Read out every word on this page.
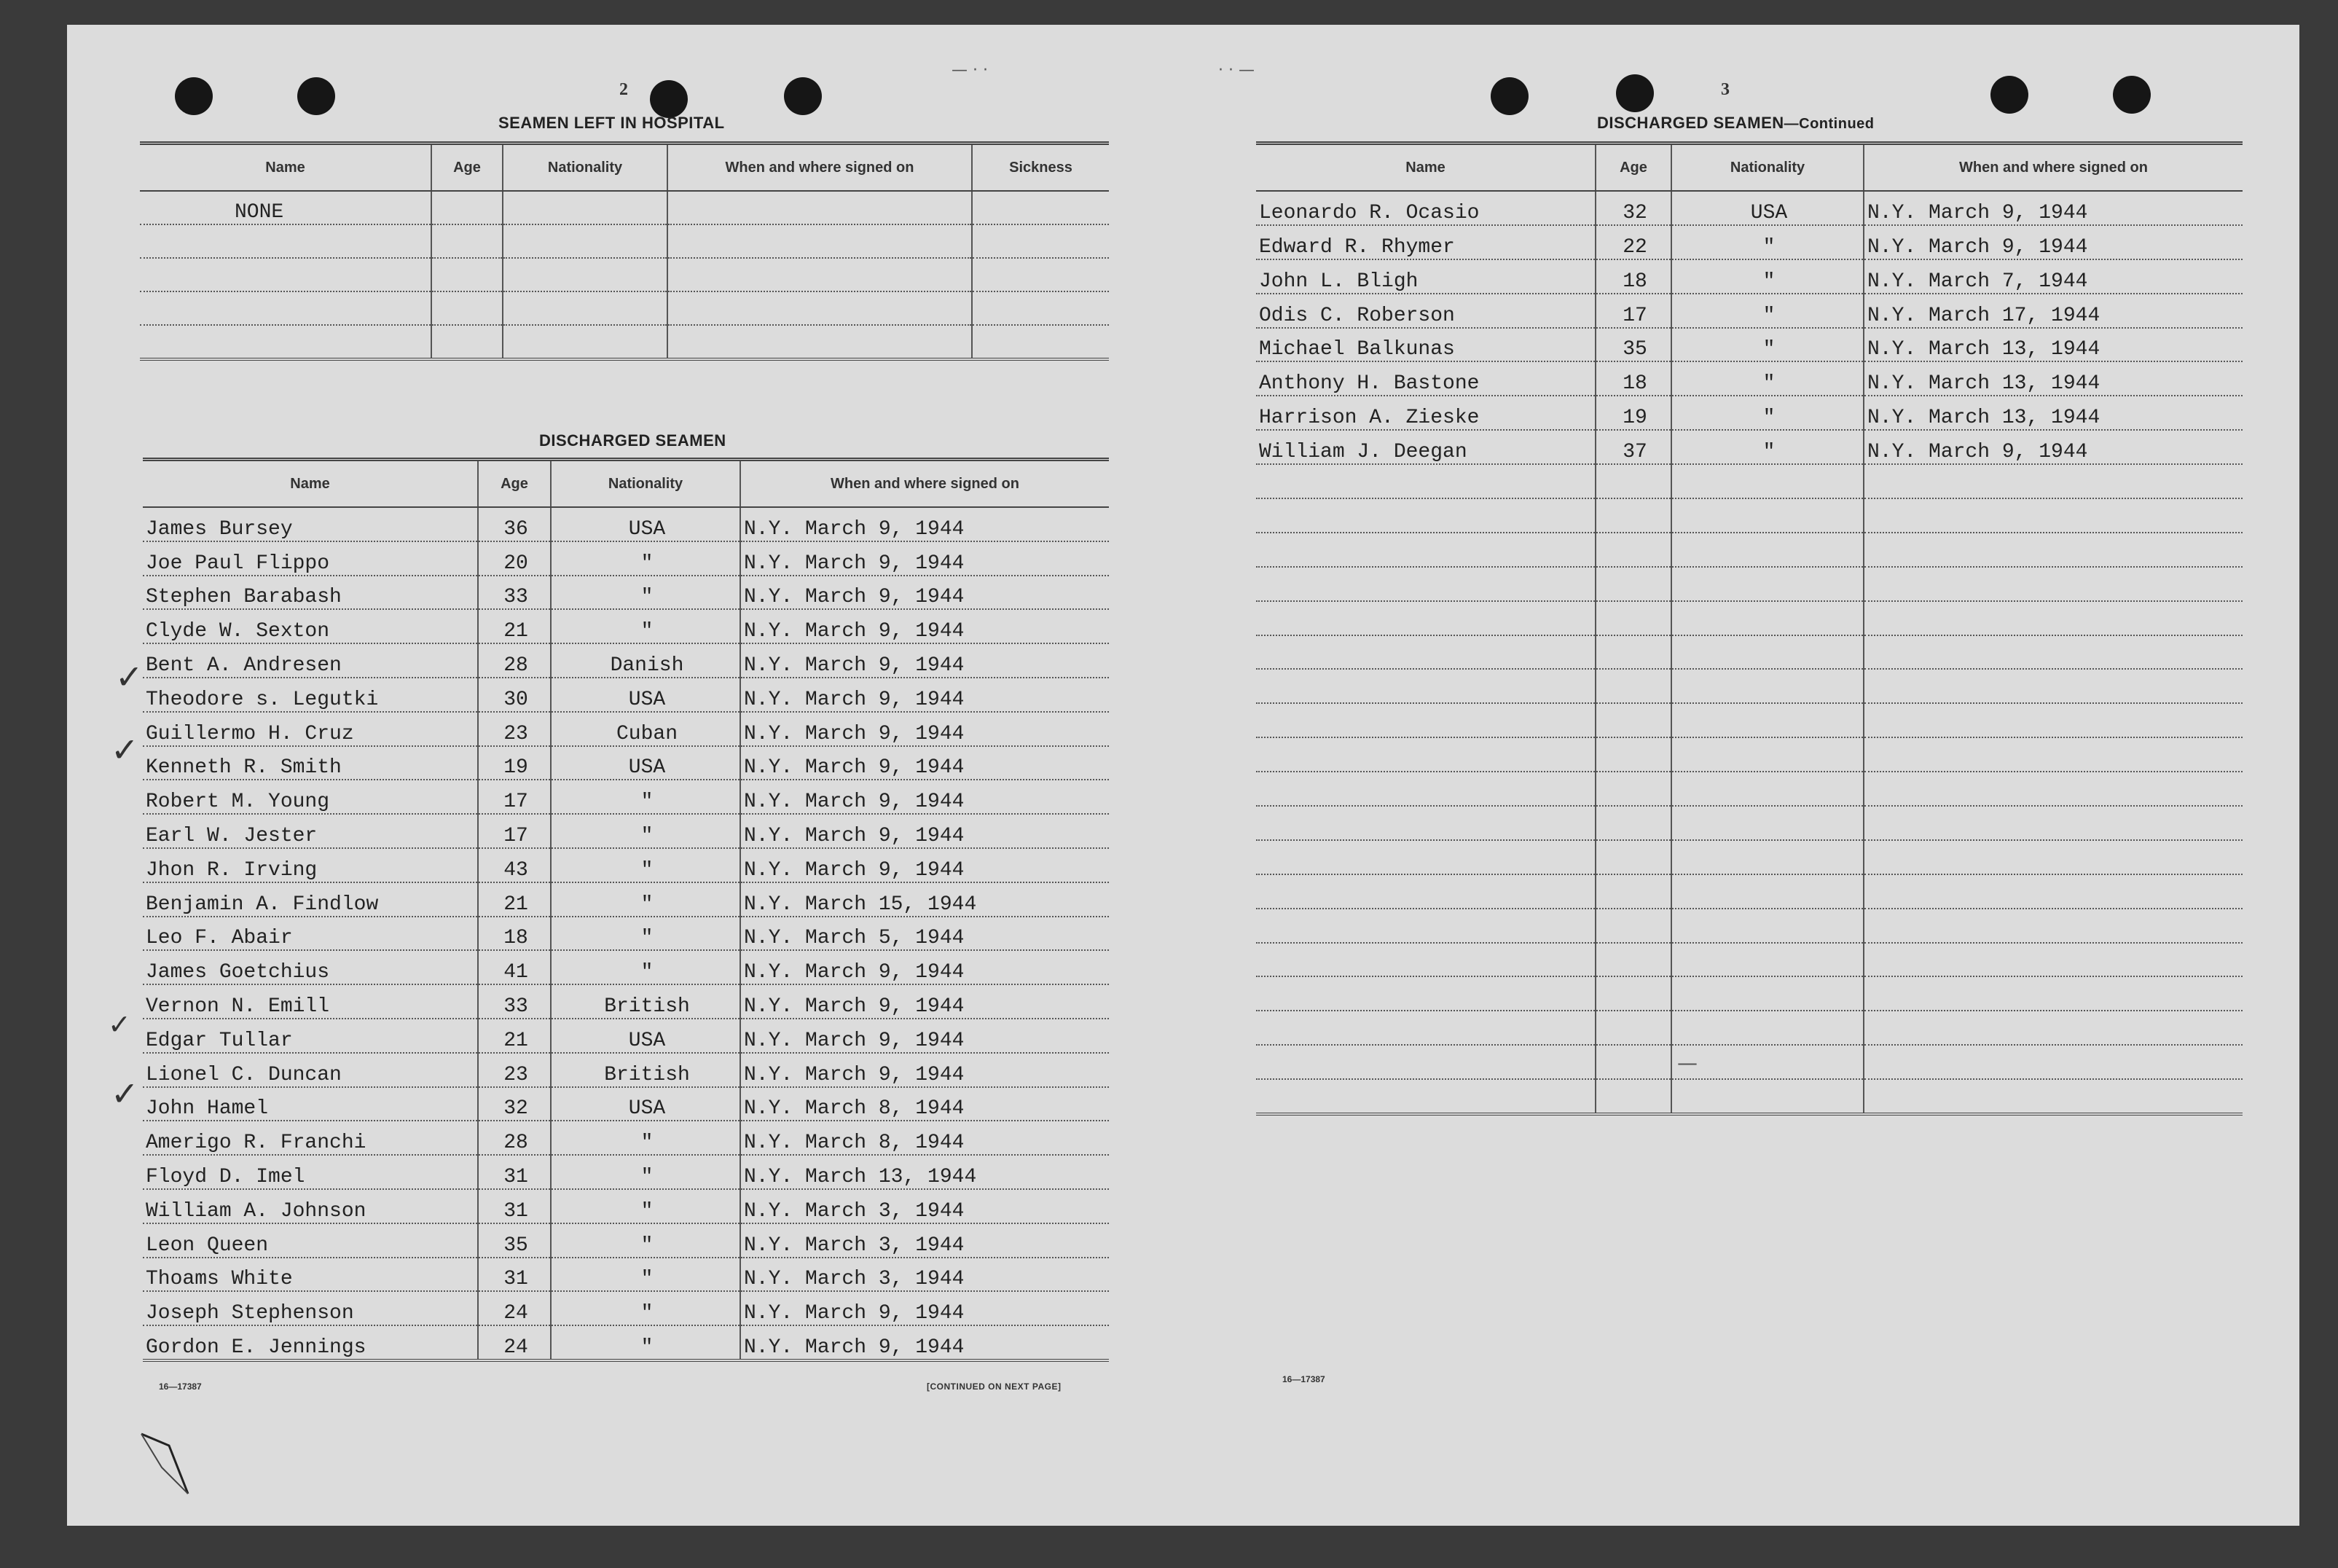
2
SEAMEN LEFT IN HOSPITAL
Name	Age	Nationality	When and where signed on	Sickness
NONE				

DISCHARGED SEAMEN
Name	Age	Nationality	When and where signed on
James Bursey	36	USA	N.Y. March 9, 1944
Joe Paul Flippo	20	"	N.Y. March 9, 1944
Stephen Barabash	33	"	N.Y. March 9, 1944
Clyde W. Sexton	21	"	N.Y. March 9, 1944
Bent A. Andresen	28	Danish	N.Y. March 9, 1944
Theodore s. Legutki	30	USA	N.Y. March 9, 1944
Guillermo H. Cruz	23	Cuban	N.Y. March 9, 1944
Kenneth R. Smith	19	USA	N.Y. March 9, 1944
Robert M. Young	17	"	N.Y. March 9, 1944
Earl W. Jester	17	"	N.Y. March 9, 1944
Jhon R. Irving	43	"	N.Y. March 9, 1944
Benjamin A. Findlow	21	"	N.Y. March 15, 1944
Leo F. Abair	18	"	N.Y. March 5, 1944
James Goetchius	41	"	N.Y. March 9, 1944
Vernon N. Emill	33	British	N.Y. March 9, 1944
Edgar Tullar	21	USA	N.Y. March 9, 1944
Lionel C. Duncan	23	British	N.Y. March 9, 1944
John Hamel	32	USA	N.Y. March 8, 1944
Amerigo R. Franchi	28	"	N.Y. March 8, 1944
Floyd D. Imel	31	"	N.Y. March 13, 1944
William A. Johnson	31	"	N.Y. March 3, 1944
Leon Queen	35	"	N.Y. March 3, 1944
Thoams White	31	"	N.Y. March 3, 1944
Joseph Stephenson	24	"	N.Y. March 9, 1944
Gordon E. Jennings	24	"	N.Y. March 9, 1944
✓
✓
✓
✓
16—17387	[CONTINUED ON NEXT PAGE]
3
DISCHARGED SEAMEN—Continued
Name	Age	Nationality	When and where signed on
Leonardo R. Ocasio	32	USA	N.Y. March 9, 1944
Edward R. Rhymer	22	"	N.Y. March 9, 1944
John L. Bligh	18	"	N.Y. March 7, 1944
Odis C. Roberson	17	"	N.Y. March 17, 1944
Michael Balkunas	35	"	N.Y. March 13, 1944
Anthony H. Bastone	18	"	N.Y. March 13, 1944
Harrison A. Zieske	19	"	N.Y. March 13, 1944
William J. Deegan	37	"	N.Y. March 9, 1944

16—17387
— · ·	· · —
—
